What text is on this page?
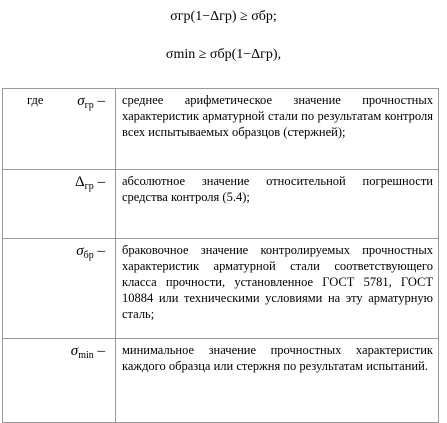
σгр(1−Δгр) ≥ σбр;
σmin ≥ σбр(1−Δгр),
где $\sigma_{гр}$ –	среднее арифметическое значение прочностных характеристик арматурной стали по результатам контроля всех испытываемых образцов (стержней);

$\Delta_{гр}$ –	абсолютное значение относительной погрешности средства контроля (5.4);

$\sigma_{бр}$ –	браковочное значение контролируемых прочностных характеристик арматурной стали соответствующего класса прочности, установленное ГОСТ 5781, ГОСТ 10884 или техническими условиями на эту арматурную сталь;

$\sigma_{min}$ –	минимальное значение прочностных характеристик каждого образца или стержня по результатам испытаний.
